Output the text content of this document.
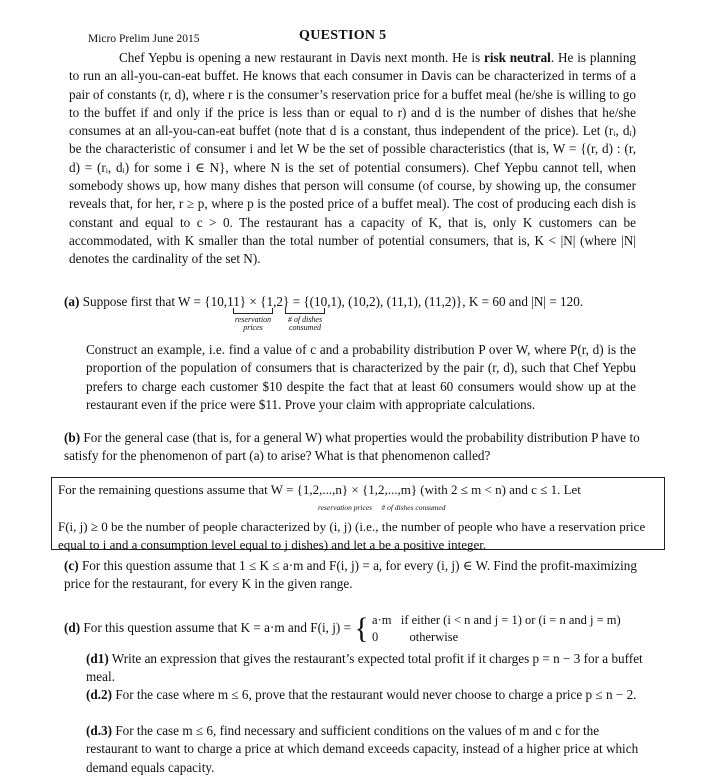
Micro Prelim June 2015	QUESTION 5
Chef Yepbu is opening a new restaurant in Davis next month. He is risk neutral. He is planning to run an all-you-can-eat buffet. He knows that each consumer in Davis can be characterized in terms of a pair of constants (r, d), where r is the consumer’s reservation price for a buffet meal (he/she is willing to go to the buffet if and only if the price is less than or equal to r) and d is the number of dishes that he/she consumes at an all-you-can-eat buffet (note that d is a constant, thus independent of the price). Let (rᵢ, dᵢ) be the characteristic of consumer i and let W be the set of possible characteristics (that is, W = {(r, d) : (r, d) = (rᵢ, dᵢ) for some i ∈ N}, where N is the set of potential consumers). Chef Yepbu cannot tell, when somebody shows up, how many dishes that person will consume (of course, by showing up, the consumer reveals that, for her, r ≥ p, where p is the posted price of a buffet meal). The cost of producing each dish is constant and equal to c > 0. The restaurant has a capacity of K, that is, only K customers can be accommodated, with K smaller than the total number of potential consumers, that is, K < |N| (where |N| denotes the cardinality of the set N).
(a) Suppose first that W = {10,11} × {1,2} = {(10,1), (10,2), (11,1), (11,2)}, K = 60 and |N| = 120.
reservation prices
# of dishes consumed
Construct an example, i.e. find a value of c and a probability distribution P over W, where P(r, d) is the proportion of the population of consumers that is characterized by the pair (r, d), such that Chef Yepbu prefers to charge each customer $10 despite the fact that at least 60 consumers would show up at the restaurant even if the price were $11. Prove your claim with appropriate calculations.
(b) For the general case (that is, for a general W) what properties would the probability distribution P have to satisfy for the phenomenon of part (a) to arise? What is that phenomenon called?
For the remaining questions assume that W = {1,2,...,n} × {1,2,...,m} (with 2 ≤ m < n) and c ≤ 1. Let
reservation prices # of dishes consumed
F(i, j) ≥ 0 be the number of people characterized by (i, j) (i.e., the number of people who have a reservation price equal to i and a consumption level equal to j dishes) and let a be a positive integer.
(c) For this question assume that 1 ≤ K ≤ a·m and F(i, j) = a, for every (i, j) ∈ W. Find the profit-maximizing price for the restaurant, for every K in the given range.
(d) For this question assume that K = a·m and F(i, j) = { a·m if either (i < n and j = 1) or (i = n and j = m)
0	otherwise
(d1) Write an expression that gives the restaurant’s expected total profit if it charges p = n − 3 for a buffet meal.
(d.2) For the case where m ≤ 6, prove that the restaurant would never choose to charge a price p ≤ n − 2.
(d.3) For the case m ≤ 6, find necessary and sufficient conditions on the values of m and c for the restaurant to want to charge a price at which demand exceeds capacity, instead of a higher price at which demand equals capacity.
